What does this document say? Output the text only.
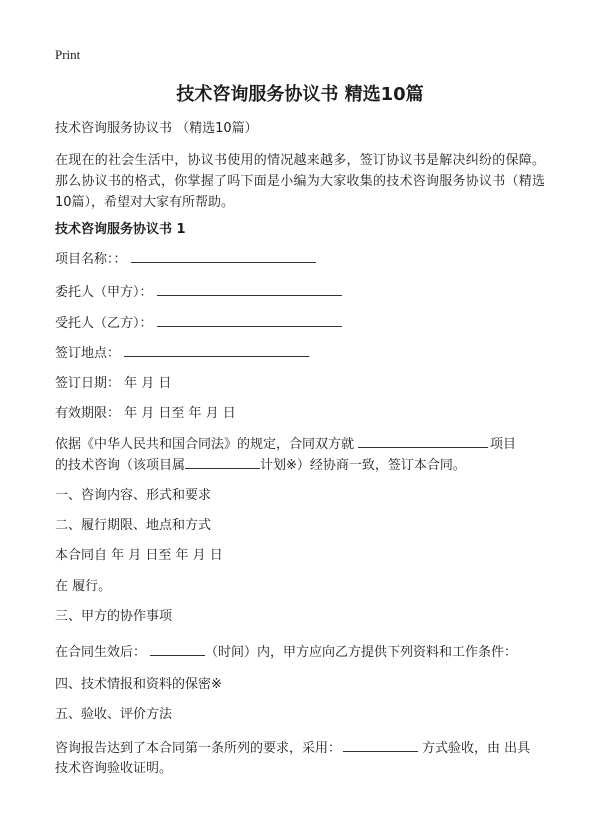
Print
技术咨询服务协议书 精选10篇
技术咨询服务协议书 （精选10篇）
在现在的社会生活中，协议书使用的情况越来越多，签订协议书是解决纠纷的保障。那么协议书的格式，你掌握了吗下面是小编为大家收集的技术咨询服务协议书（精选10篇），希望对大家有所帮助。
技术咨询服务协议书 1
项目名称：：
委托人（甲方）：
受托人（乙方）：
签订地点：
签订日期： 年 月 日
有效期限： 年 月 日至 年 月 日
依据《中华人民共和国合同法》的规定，合同双方就	项目
的技术咨询（该项目属	计划※）经协商一致，签订本合同。
一、咨询内容、形式和要求
二、履行期限、地点和方式
本合同自 年 月 日至 年 月 日
在 履行。
三、甲方的协作事项
在合同生效后：	（时间）内，甲方应向乙方提供下列资料和工作条件：
四、技术情报和资料的保密※
五、验收、评价方法
咨询报告达到了本合同第一条所列的要求，采用：	方式验收，由 出具
技术咨询验收证明。
